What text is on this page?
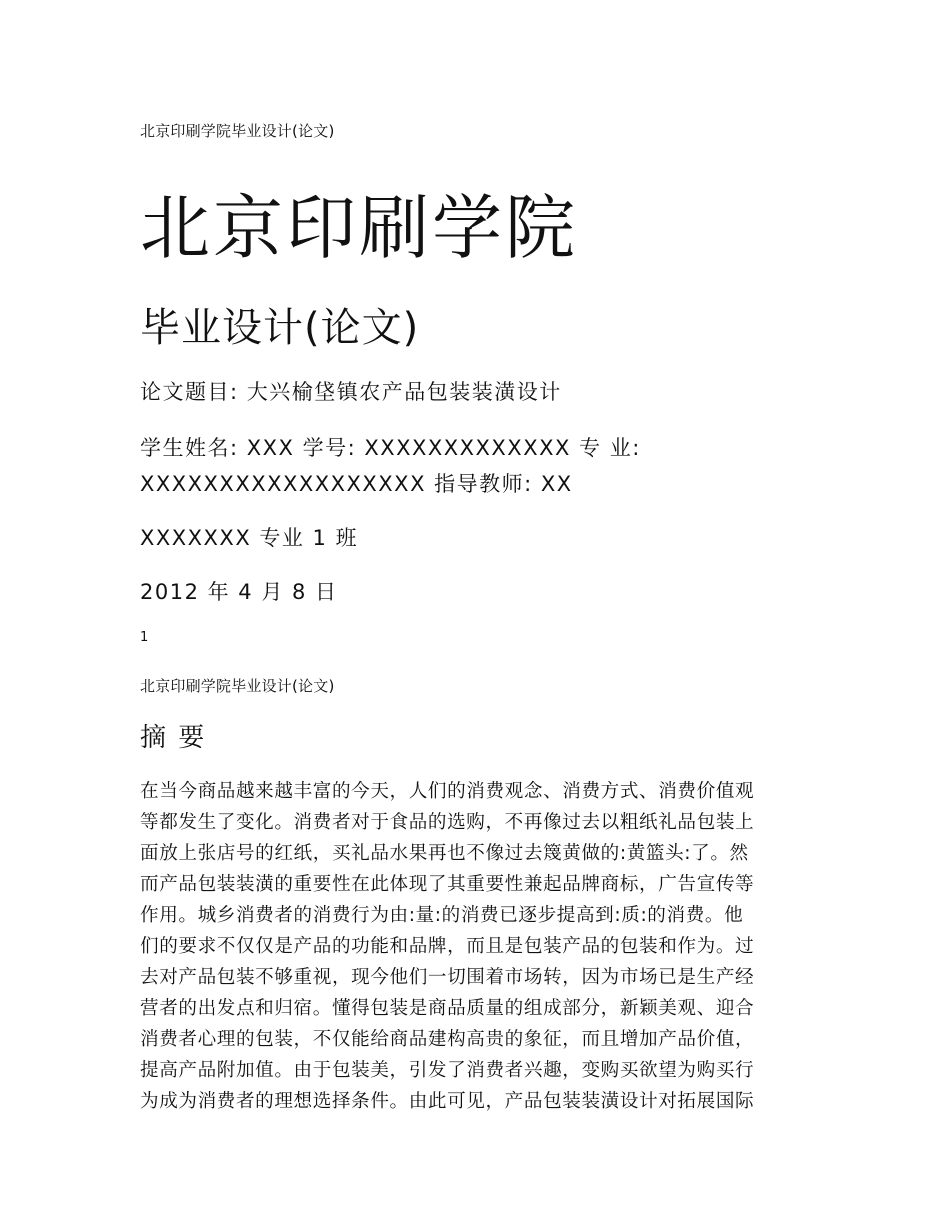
北京印刷学院毕业设计(论文)
北京印刷学院
毕业设计(论文)
论文题目: 大兴榆垡镇农产品包装装潢设计
学生姓名: XXX 学号: XXXXXXXXXXXXX 专 业:
XXXXXXXXXXXXXXXXXX 指导教师: XX
XXXXXXX 专业 1 班
2012 年 4 月 8 日
1
北京印刷学院毕业设计(论文)
摘 要
在当今商品越来越丰富的今天，人们的消费观念、消费方式、消费价值观
等都发生了变化。消费者对于食品的选购，不再像过去以粗纸礼品包装上
面放上张店号的红纸，买礼品水果再也不像过去篾黄做的:黄篮头:了。然
而产品包装装潢的重要性在此体现了其重要性兼起品牌商标，广告宣传等
作用。城乡消费者的消费行为由:量:的消费已逐步提高到:质:的消费。他
们的要求不仅仅是产品的功能和品牌，而且是包装产品的包装和作为。过
去对产品包装不够重视，现今他们一切围着市场转，因为市场已是生产经
营者的出发点和归宿。懂得包装是商品质量的组成部分，新颖美观、迎合
消费者心理的包装，不仅能给商品建构高贵的象征，而且增加产品价值，
提高产品附加值。由于包装美，引发了消费者兴趣，变购买欲望为购买行
为成为消费者的理想选择条件。由此可见，产品包装装潢设计对拓展国际
